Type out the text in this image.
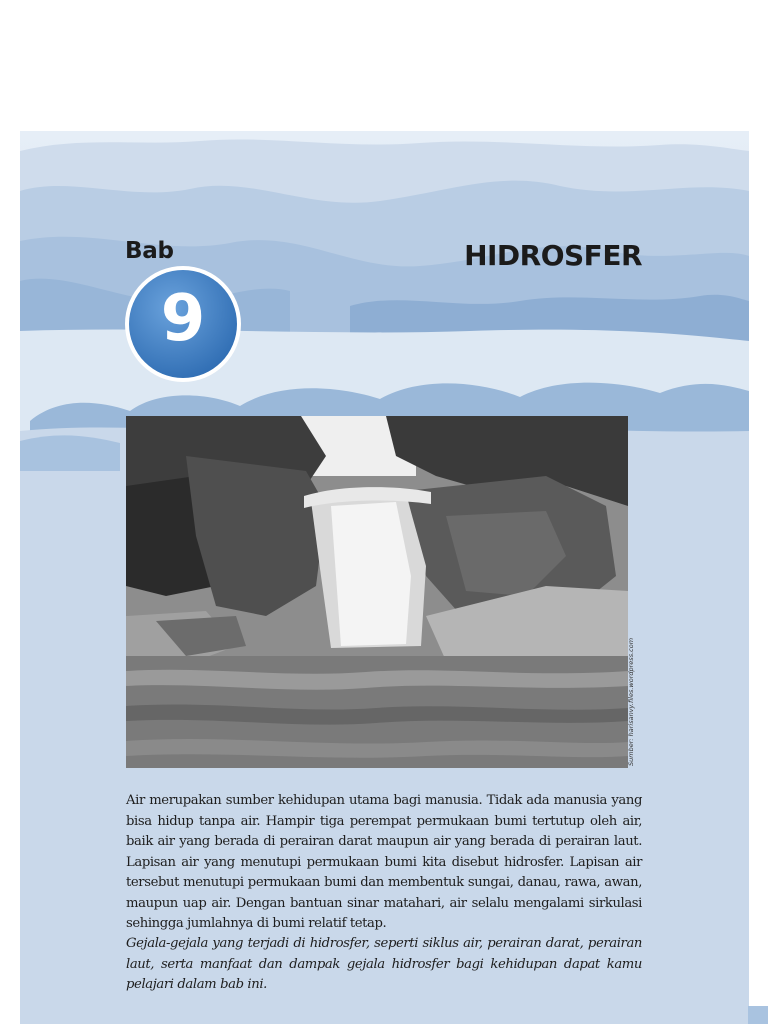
Bab	HIDROSFER
9
Sumber: harisanvy.files.wordpress.com

Air merupakan sumber kehidupan utama bagi manusia. Tidak ada manusia yang bisa hidup tanpa air. Hampir tiga perempat permukaan bumi tertutup oleh air, baik air yang berada di perairan darat maupun air yang berada di perairan laut. Lapisan air yang menutupi permukaan bumi kita disebut hidrosfer. Lapisan air tersebut menutupi permukaan bumi dan membentuk sungai, danau, rawa, awan, maupun uap air. Dengan bantuan sinar matahari, air selalu mengalami sirkulasi sehingga jumlahnya di bumi relatif tetap.

Gejala-gejala yang terjadi di hidrosfer, seperti siklus air, perairan darat, perairan laut, serta manfaat dan dampak gejala hidrosfer bagi kehidupan dapat kamu pelajari dalam bab ini.
